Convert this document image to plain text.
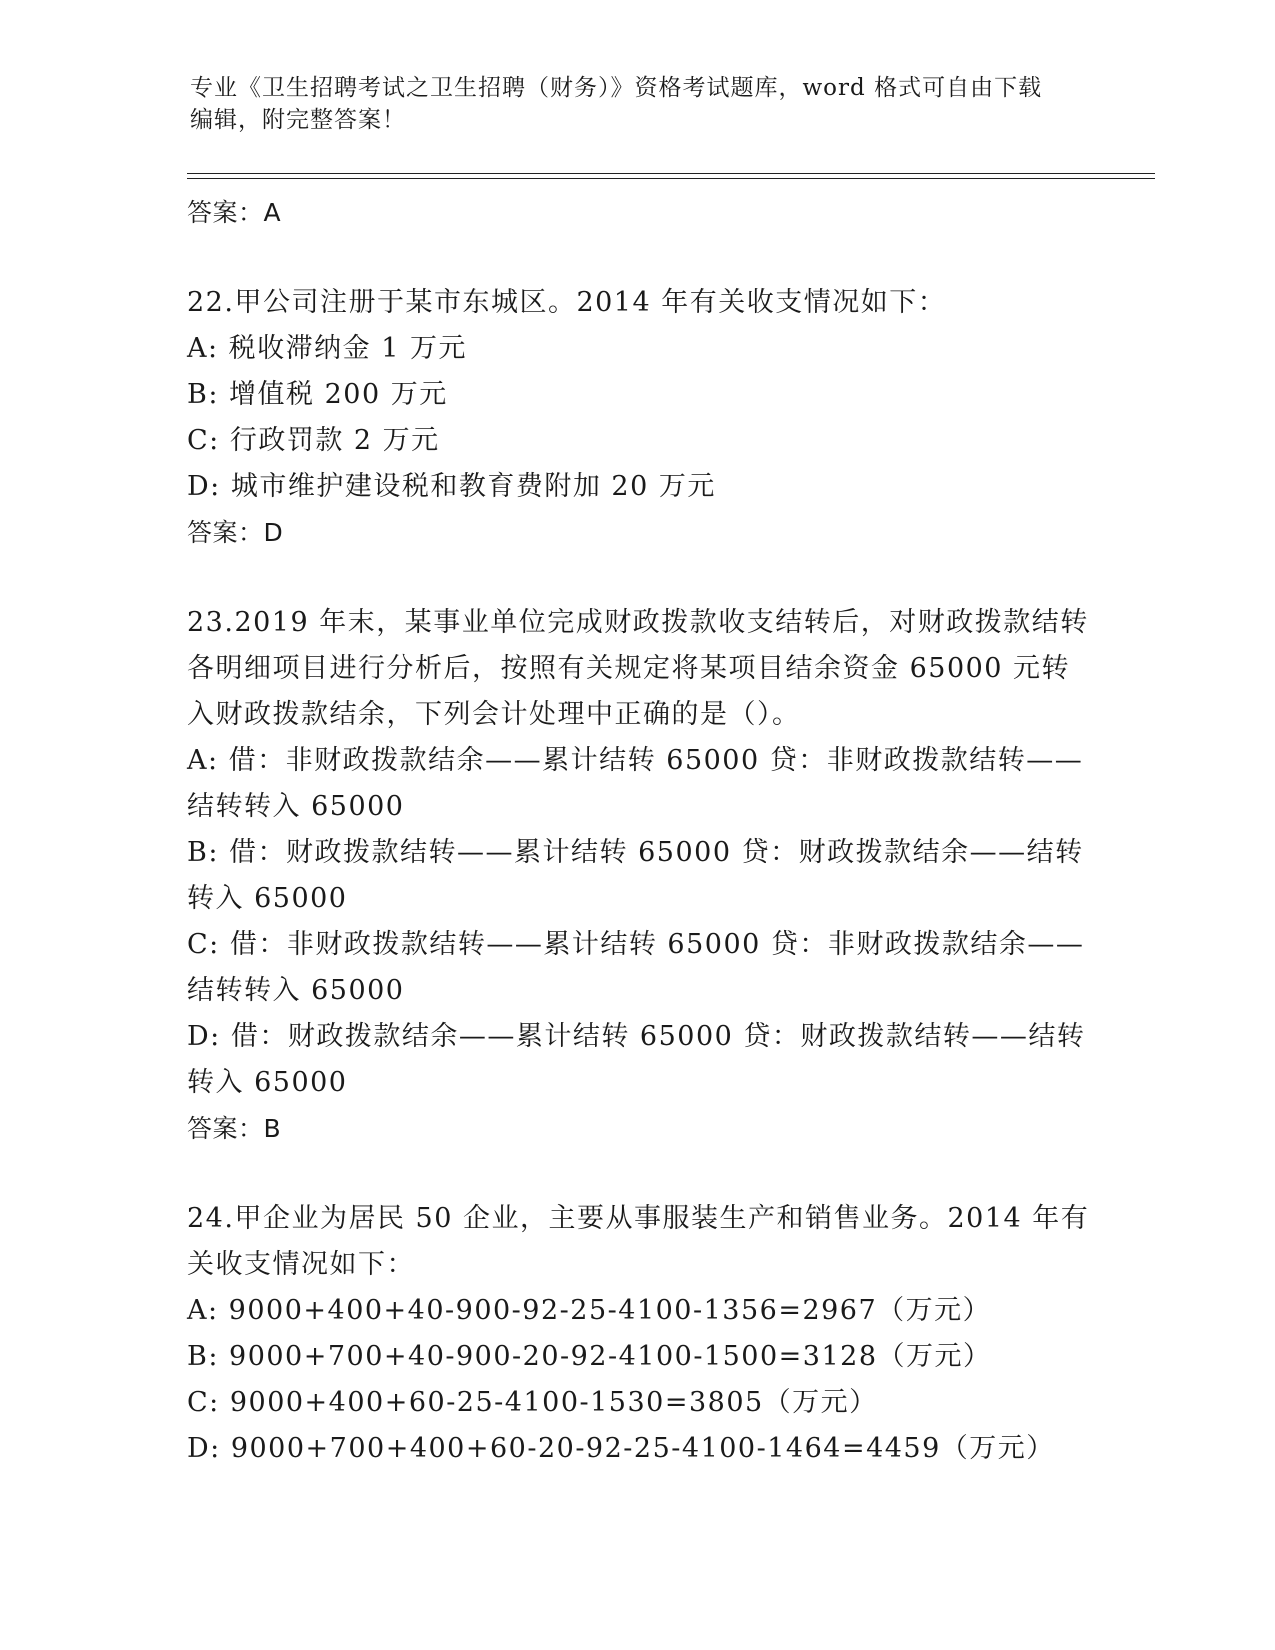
专业《卫生招聘考试之卫生招聘（财务）》资格考试题库，word 格式可自由下载
编辑，附完整答案！
答案：A
22.甲公司注册于某市东城区。2014 年有关收支情况如下：
A: 税收滞纳金 1 万元
B: 增值税 200 万元
C: 行政罚款 2 万元
D: 城市维护建设税和教育费附加 20 万元
答案：D
23.2019 年末，某事业单位完成财政拨款收支结转后，对财政拨款结转
各明细项目进行分析后，按照有关规定将某项目结余资金 65000 元转
入财政拨款结余，下列会计处理中正确的是（）。
A: 借：非财政拨款结余——累计结转 65000 贷：非财政拨款结转——
结转转入 65000
B: 借：财政拨款结转——累计结转 65000 贷：财政拨款结余——结转
转入 65000
C: 借：非财政拨款结转——累计结转 65000 贷：非财政拨款结余——
结转转入 65000
D: 借：财政拨款结余——累计结转 65000 贷：财政拨款结转——结转
转入 65000
答案：B
24.甲企业为居民 50 企业，主要从事服装生产和销售业务。2014 年有
关收支情况如下：
A: 9000+400+40-900-92-25-4100-1356=2967（万元）
B: 9000+700+40-900-20-92-4100-1500=3128（万元）
C: 9000+400+60-25-4100-1530=3805（万元）
D: 9000+700+400+60-20-92-25-4100-1464=4459（万元）
